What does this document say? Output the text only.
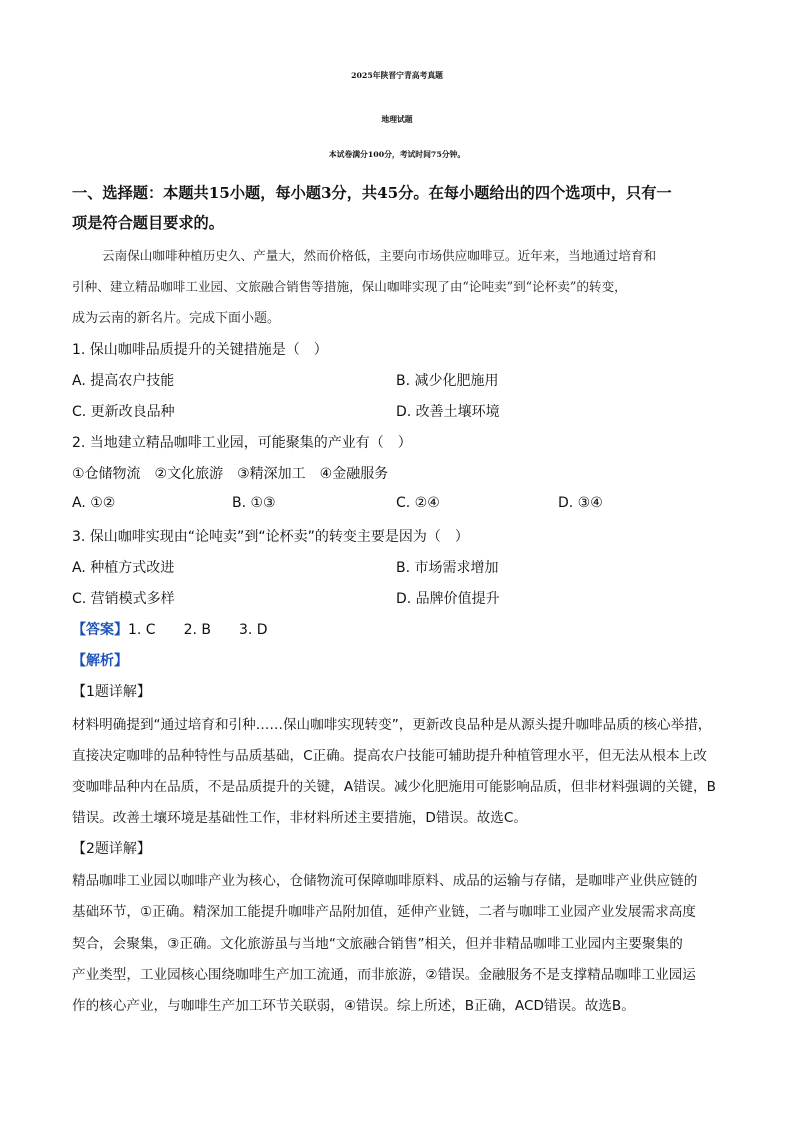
2025年陕晋宁青高考真题
地理试题
本试卷满分100分，考试时间75分钟。
一、选择题：本题共15小题，每小题3分，共45分。在每小题给出的四个选项中，只有一
项是符合题目要求的。
云南保山咖啡种植历史久、产量大，然而价格低，主要向市场供应咖啡豆。近年来，当地通过培育和
引种、建立精品咖啡工业园、文旅融合销售等措施，保山咖啡实现了由“论吨卖”到“论杯卖”的转变，
成为云南的新名片。完成下面小题。
1. 保山咖啡品质提升的关键措施是（　）
A. 提高农户技能	B. 减少化肥施用
C. 更新改良品种	D. 改善土壤环境
2. 当地建立精品咖啡工业园，可能聚集的产业有（　）
①仓储物流　②文化旅游　③精深加工　④金融服务
A. ①②	B. ①③	C. ②④	D. ③④
3. 保山咖啡实现由“论吨卖”到“论杯卖”的转变主要是因为（　）
A. 种植方式改进	B. 市场需求增加
C. 营销模式多样	D. 品牌价值提升
【答案】1. C　　2. B　　3. D
【解析】
【1题详解】
材料明确提到“通过培育和引种……保山咖啡实现转变”，更新改良品种是从源头提升咖啡品质的核心举措，
直接决定咖啡的品种特性与品质基础，C正确。提高农户技能可辅助提升种植管理水平，但无法从根本上改
变咖啡品种内在品质，不是品质提升的关键，A错误。减少化肥施用可能影响品质，但非材料强调的关键，B
错误。改善土壤环境是基础性工作，非材料所述主要措施，D错误。故选C。
【2题详解】
精品咖啡工业园以咖啡产业为核心，仓储物流可保障咖啡原料、成品的运输与存储，是咖啡产业供应链的
基础环节，①正确。精深加工能提升咖啡产品附加值，延伸产业链，二者与咖啡工业园产业发展需求高度
契合，会聚集，③正确。文化旅游虽与当地“文旅融合销售”相关，但并非精品咖啡工业园内主要聚集的
产业类型，工业园核心围绕咖啡生产加工流通，而非旅游，②错误。金融服务不是支撑精品咖啡工业园运
作的核心产业，与咖啡生产加工环节关联弱，④错误。综上所述，B正确，ACD错误。故选B。
